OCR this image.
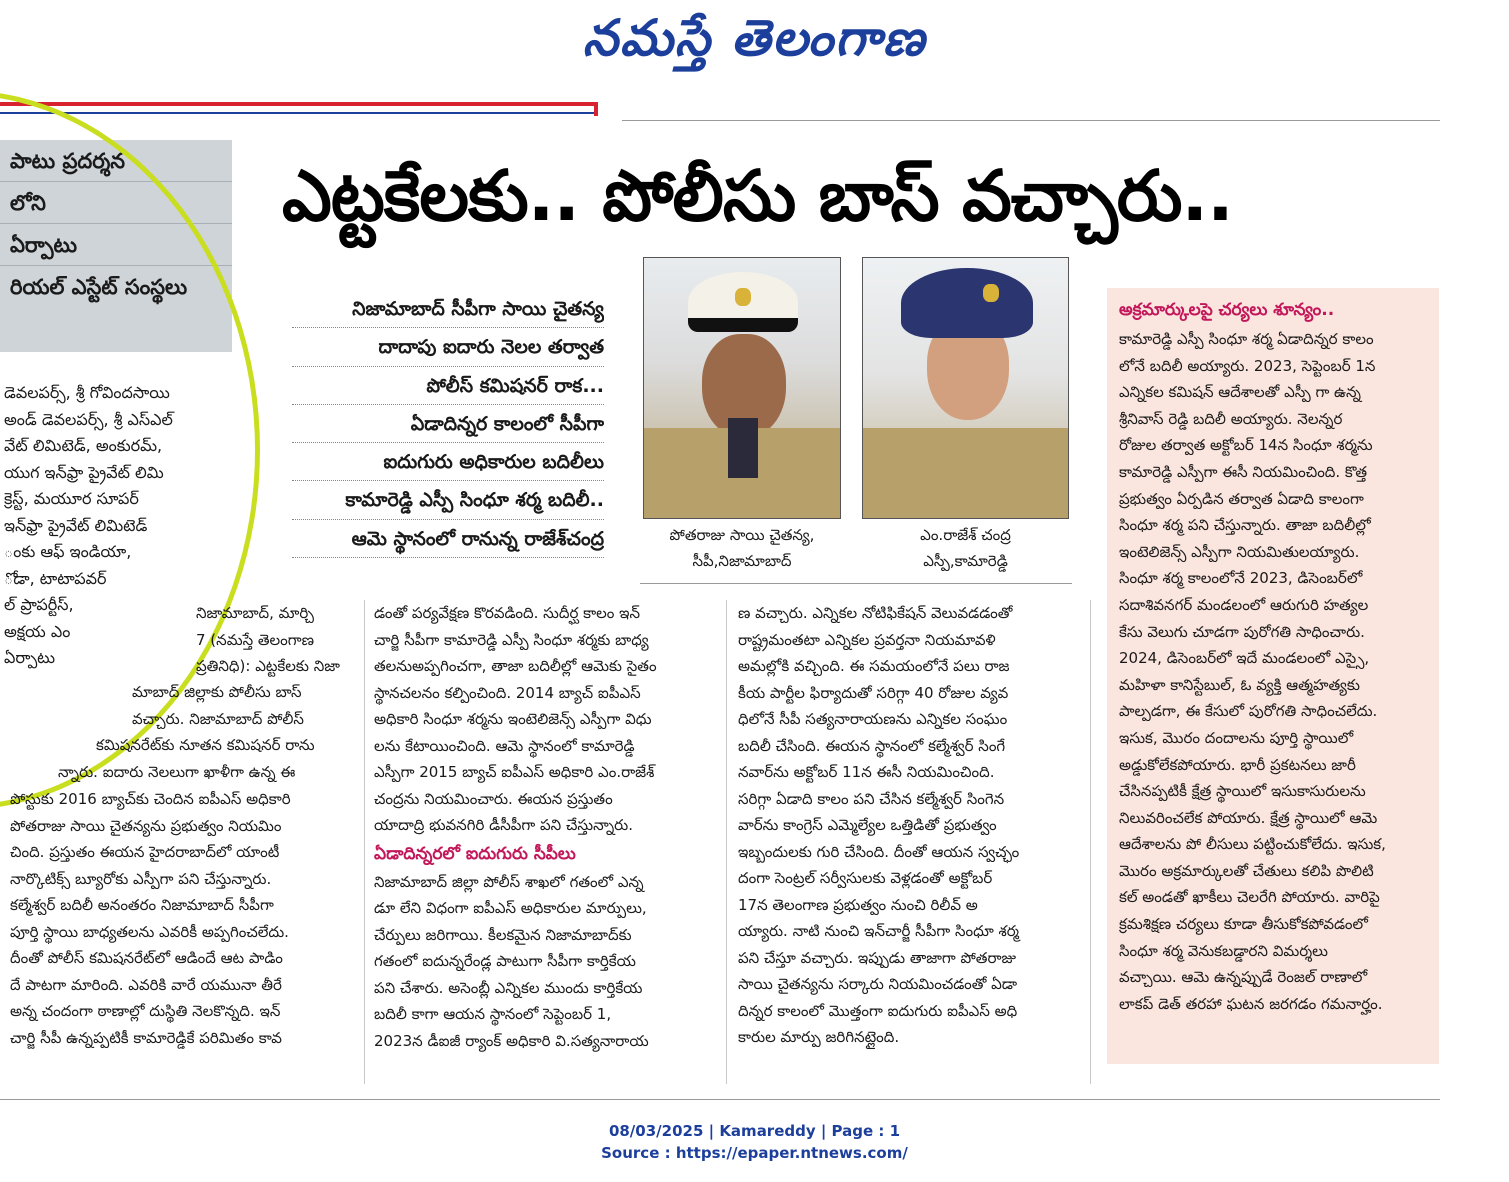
నమస్తే తెలంగాణ
పాటు ప్రదర్శన
లోని
ఏర్పాటు
రియల్ ఎస్టేట్ సంస్థలు
డెవలపర్స్, శ్రీ గోవిందసాయి
అండ్ డెవలపర్స్, శ్రీ ఎస్ఎల్
వేట్ లిమిటెడ్, అంకురమ్,
యుగ ఇన్‌ఫ్రా ప్రైవేట్ లిమి
క్రెస్ట్, మయూర సూపర్
ఇన్‌ఫ్రా ప్రైవేట్ లిమిటెడ్
ంకు ఆఫ్ ఇండియా,
ోడా, టాటాపవర్
ల్ ప్రాపర్టీస్,
అక్షయ ఎం
ఏర్పాటు
ఎట్టకేలకు.. పోలీసు బాస్ వచ్చారు..
నిజామాబాద్ సీపీగా సాయి చైతన్య
దాదాపు ఐదారు నెలల తర్వాత
పోలీస్ కమిషనర్ రాక...
ఏడాదిన్నర కాలంలో సీపీగా
ఐదుగురు అధికారుల బదిలీలు
కామారెడ్డి ఎస్పీ సింధూ శర్మ బదిలీ..
ఆమె స్థానంలో రానున్న రాజేశ్‌చంద్ర	పోతరాజు సాయి చైతన్య,
సీపీ,నిజామాబాద్
ఎం.రాజేశ్ చంద్ర
ఎస్పీ,కామారెడ్డి
అక్రమార్కులపై చర్యలు శూన్యం..
కామారెడ్డి ఎస్పీ సింధూ శర్మ ఏడాదిన్నర కాలం
లోనే బదిలీ అయ్యారు. 2023, సెప్టెంబర్ 1న
ఎన్నికల కమిషన్ ఆదేశాలతో ఎస్పీ గా ఉన్న
శ్రీనివాస్ రెడ్డి బదిలీ అయ్యారు. నెలన్నర
రోజుల తర్వాత అక్టోబర్ 14న సింధూ శర్మను
కామారెడ్డి ఎస్పీగా ఈసీ నియమించింది. కొత్త
ప్రభుత్వం ఏర్పడిన తర్వాత ఏడాది కాలంగా
సింధూ శర్మ పని చేస్తున్నారు. తాజా బదిలీల్లో
ఇంటెలిజెన్స్ ఎస్పీగా నియమితులయ్యారు.
సింధూ శర్మ కాలంలోనే 2023, డిసెంబర్‌లో
సదాశివనగర్ మండలంలో ఆరుగురి హత్యల
కేసు వెలుగు చూడగా పురోగతి సాధించారు.
2024, డిసెంబర్‌లో ఇదే మండలంలో ఎస్సై,
మహిళా కానిస్టేబుల్, ఓ వ్యక్తి ఆత్మహత్యకు
పాల్పడగా, ఈ కేసులో పురోగతి సాధించలేదు.
ఇసుక, మొరం దందాలను పూర్తి స్థాయిలో
అడ్డుకోలేకపోయారు. భారీ ప్రకటనలు జారీ
చేసినప్పటికీ క్షేత్ర స్థాయిలో ఇసుకాసురులను
నిలువరించలేక పోయారు. క్షేత్ర స్థాయిలో ఆమె
ఆదేశాలను పో లీసులు పట్టించుకోలేదు. ఇసుక,
మొరం అక్రమార్కులతో చేతులు కలిపి పొలిటి
కల్ అండతో ఖాకీలు చెలరేగి పోయారు. వారిపై
క్రమశిక్షణ చర్యలు కూడా తీసుకోకపోవడంలో
సింధూ శర్మ వెనుకబడ్డారని విమర్శలు
వచ్చాయి. ఆమె ఉన్నప్పుడే రెంజల్ రాణాలో
లాకప్ డెత్ తరహా ఘటన జరగడం గమనార్హం.
నిజామాబాద్, మార్చి
7 (నమస్తే తెలంగాణ
ప్రతినిధి): ఎట్టకేలకు నిజా
మాబాద్ జిల్లాకు పోలీసు బాస్
వచ్చారు. నిజామాబాద్ పోలీస్
కమిషనరేట్‌కు నూతన కమిషనర్ రాను
న్నారు. ఐదారు నెలలుగా ఖాళీగా ఉన్న ఈ
పోస్టుకు 2016 బ్యాచ్‌కు చెందిన ఐపీఎస్ అధికారి
పోతరాజు సాయి చైతన్యను ప్రభుత్వం నియమిం
చింది. ప్రస్తుతం ఈయన హైదరాబాద్‌లో యాంటీ
నార్కొటిక్స్ బ్యూరోకు ఎస్పీగా పని చేస్తున్నారు.
కల్మేశ్వర్ బదిలీ అనంతరం నిజామాబాద్ సీపీగా
పూర్తి స్థాయి బాధ్యతలను ఎవరికీ అప్పగించలేదు.
దీంతో పోలీస్ కమిషనరేట్‌లో ఆడిందే ఆట పాడిం
దే పాటగా మారింది. ఎవరికి వారే యమునా తీరే
అన్న చందంగా ఠాణాల్లో దుస్థితి నెలకొన్నది. ఇన్
చార్జి సీపీ ఉన్నప్పటికీ కామారెడ్డికే పరిమితం కావ
డంతో పర్యవేక్షణ కొరవడింది. సుదీర్ఘ కాలం ఇన్
చార్జి సీపీగా కామారెడ్డి ఎస్పీ సింధూ శర్మకు బాధ్య
తలనుఅప్పగించగా, తాజా బదిలీల్లో ఆమెకు సైతం
స్థానచలనం కల్పించింది. 2014 బ్యాచ్ ఐపీఎస్
అధికారి సింధూ శర్మను ఇంటెలిజెన్స్ ఎస్పీగా విధు
లను కేటాయించింది. ఆమె స్థానంలో కామారెడ్డి
ఎస్పీగా 2015 బ్యాచ్ ఐపీఎస్ అధికారి ఎం.రాజేశ్
చంద్రను నియమించారు. ఈయన ప్రస్తుతం
యాదాద్రి భువనగిరి డీసీపీగా పని చేస్తున్నారు.
ఏడాదిన్నరలో ఐదుగురు సీపీలు
నిజామాబాద్ జిల్లా పోలీస్ శాఖలో గతంలో ఎన్న
డూ లేని విధంగా ఐపీఎస్ అధికారుల మార్పులు,
చేర్పులు జరిగాయి. కీలకమైన నిజామాబాద్‌కు
గతంలో ఐదున్నరేండ్ల పాటుగా సీపీగా కార్తికేయ
పని చేశారు. అసెంబ్లీ ఎన్నికల ముందు కార్తికేయ
బదిలీ కాగా ఆయన స్థానంలో సెప్టెంబర్ 1,
2023న డీఐజీ ర్యాంక్ అధికారి వి.సత్యనారాయ
ణ వచ్చారు. ఎన్నికల నోటిఫికేషన్ వెలువడడంతో
రాష్ట్రమంతటా ఎన్నికల ప్రవర్తనా నియమావళి
అమల్లోకి వచ్చింది. ఈ సమయంలోనే పలు రాజ
కీయ పార్టీల ఫిర్యాదుతో సరిగ్గా 40 రోజుల వ్యవ
ధిలోనే సీపీ సత్యనారాయణను ఎన్నికల సంఘం
బదిలీ చేసింది. ఈయన స్థానంలో కల్మేశ్వర్ సింగే
నవార్‌ను అక్టోబర్ 11న ఈసీ నియమించింది.
సరిగ్గా ఏడాది కాలం పని చేసిన కల్మేశ్వర్ సింగెన
వార్‌ను కాంగ్రెస్ ఎమ్మెల్యేల ఒత్తిడితో ప్రభుత్వం
ఇబ్బందులకు గురి చేసింది. దీంతో ఆయన స్వచ్ఛం
దంగా సెంట్రల్ సర్వీసులకు వెళ్లడంతో అక్టోబర్
17న తెలంగాణ ప్రభుత్వం నుంచి రిలీవ్ అ
య్యారు. నాటి నుంచి ఇన్‌చార్జీ సీపీగా సింధూ శర్మ
పని చేస్తూ వచ్చారు. ఇప్పుడు తాజాగా పోతరాజు
సాయి చైతన్యను సర్కారు నియమించడంతో ఏడా
దిన్నర కాలంలో మొత్తంగా ఐదుగురు ఐపీఎస్ అధి
కారుల మార్పు జరిగినట్లైంది.
08/03/2025 | Kamareddy | Page : 1
Source : https://epaper.ntnews.com/
